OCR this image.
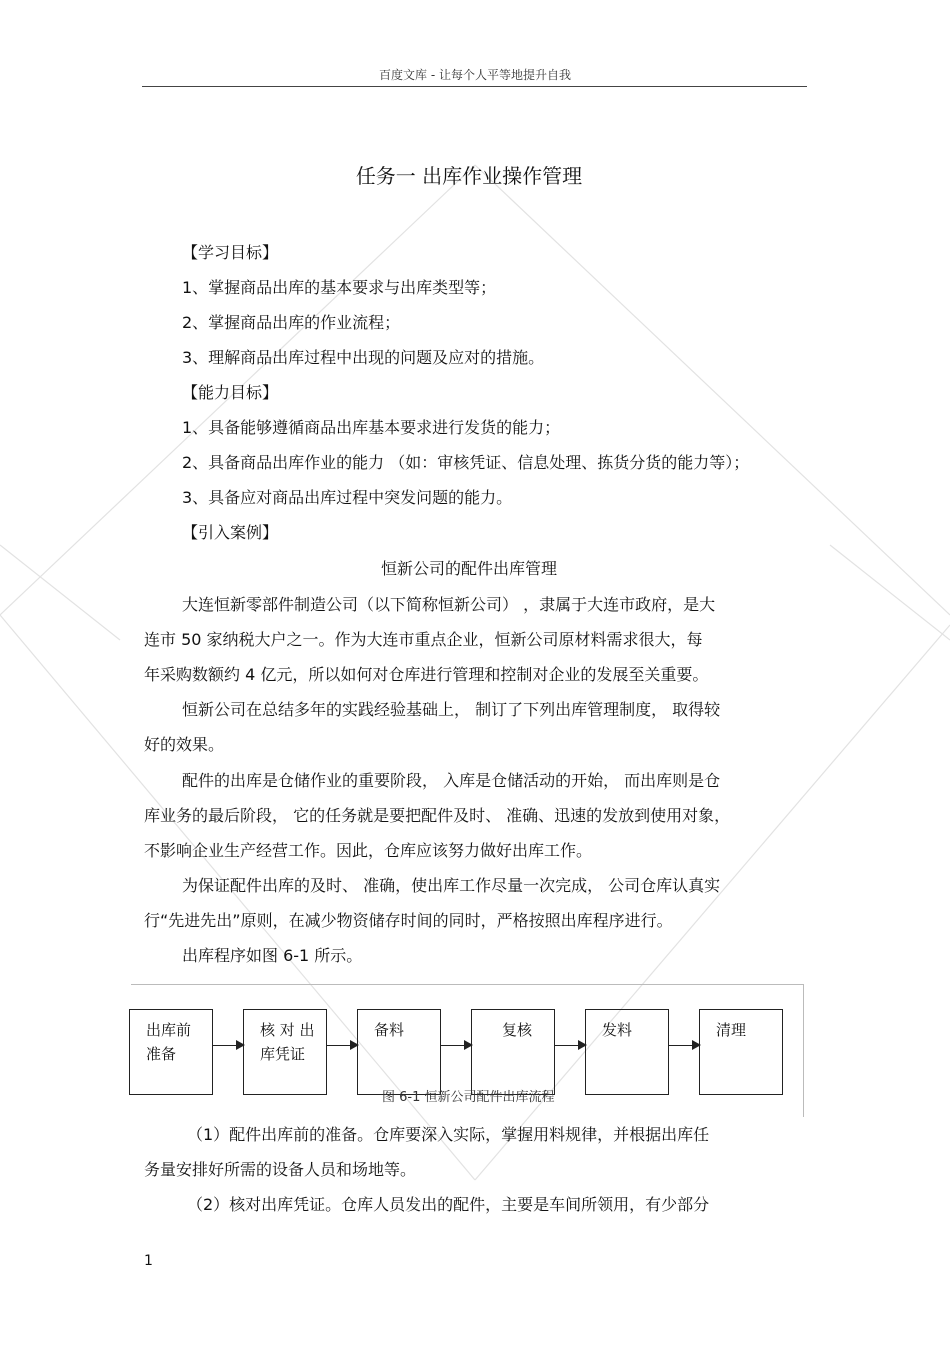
百度文库 - 让每个人平等地提升自我
任务一 出库作业操作管理
【学习目标】
1、掌握商品出库的基本要求与出库类型等；
2、掌握商品出库的作业流程；
3、理解商品出库过程中出现的问题及应对的措施。
【能力目标】
1、具备能够遵循商品出库基本要求进行发货的能力；
2、具备商品出库作业的能力 （如：审核凭证、信息处理、拣货分货的能力等）；
3、具备应对商品出库过程中突发问题的能力。
【引入案例】
恒新公司的配件出库管理
大连恒新零部件制造公司（以下简称恒新公司） ，隶属于大连市政府，是大
连市 50 家纳税大户之一。作为大连市重点企业，恒新公司原材料需求很大，每
年采购数额约 4 亿元，所以如何对仓库进行管理和控制对企业的发展至关重要。
恒新公司在总结多年的实践经验基础上， 制订了下列出库管理制度， 取得较
好的效果。
配件的出库是仓储作业的重要阶段， 入库是仓储活动的开始， 而出库则是仓
库业务的最后阶段， 它的任务就是要把配件及时、 准确、迅速的发放到使用对象，
不影响企业生产经营工作。因此，仓库应该努力做好出库工作。
为保证配件出库的及时、 准确，使出库工作尽量一次完成， 公司仓库认真实
行“先进先出”原则，在减少物资储存时间的同时，严格按照出库程序进行。
出库程序如图 6-1 所示。
出库前
准备
核 对 出
库凭证
备料	复核	发料	清理
图 6-1 恒新公司配件出库流程
（1）配件出库前的准备。仓库要深入实际，掌握用料规律，并根据出库任
务量安排好所需的设备人员和场地等。
（2）核对出库凭证。仓库人员发出的配件，主要是车间所领用，有少部分
1
